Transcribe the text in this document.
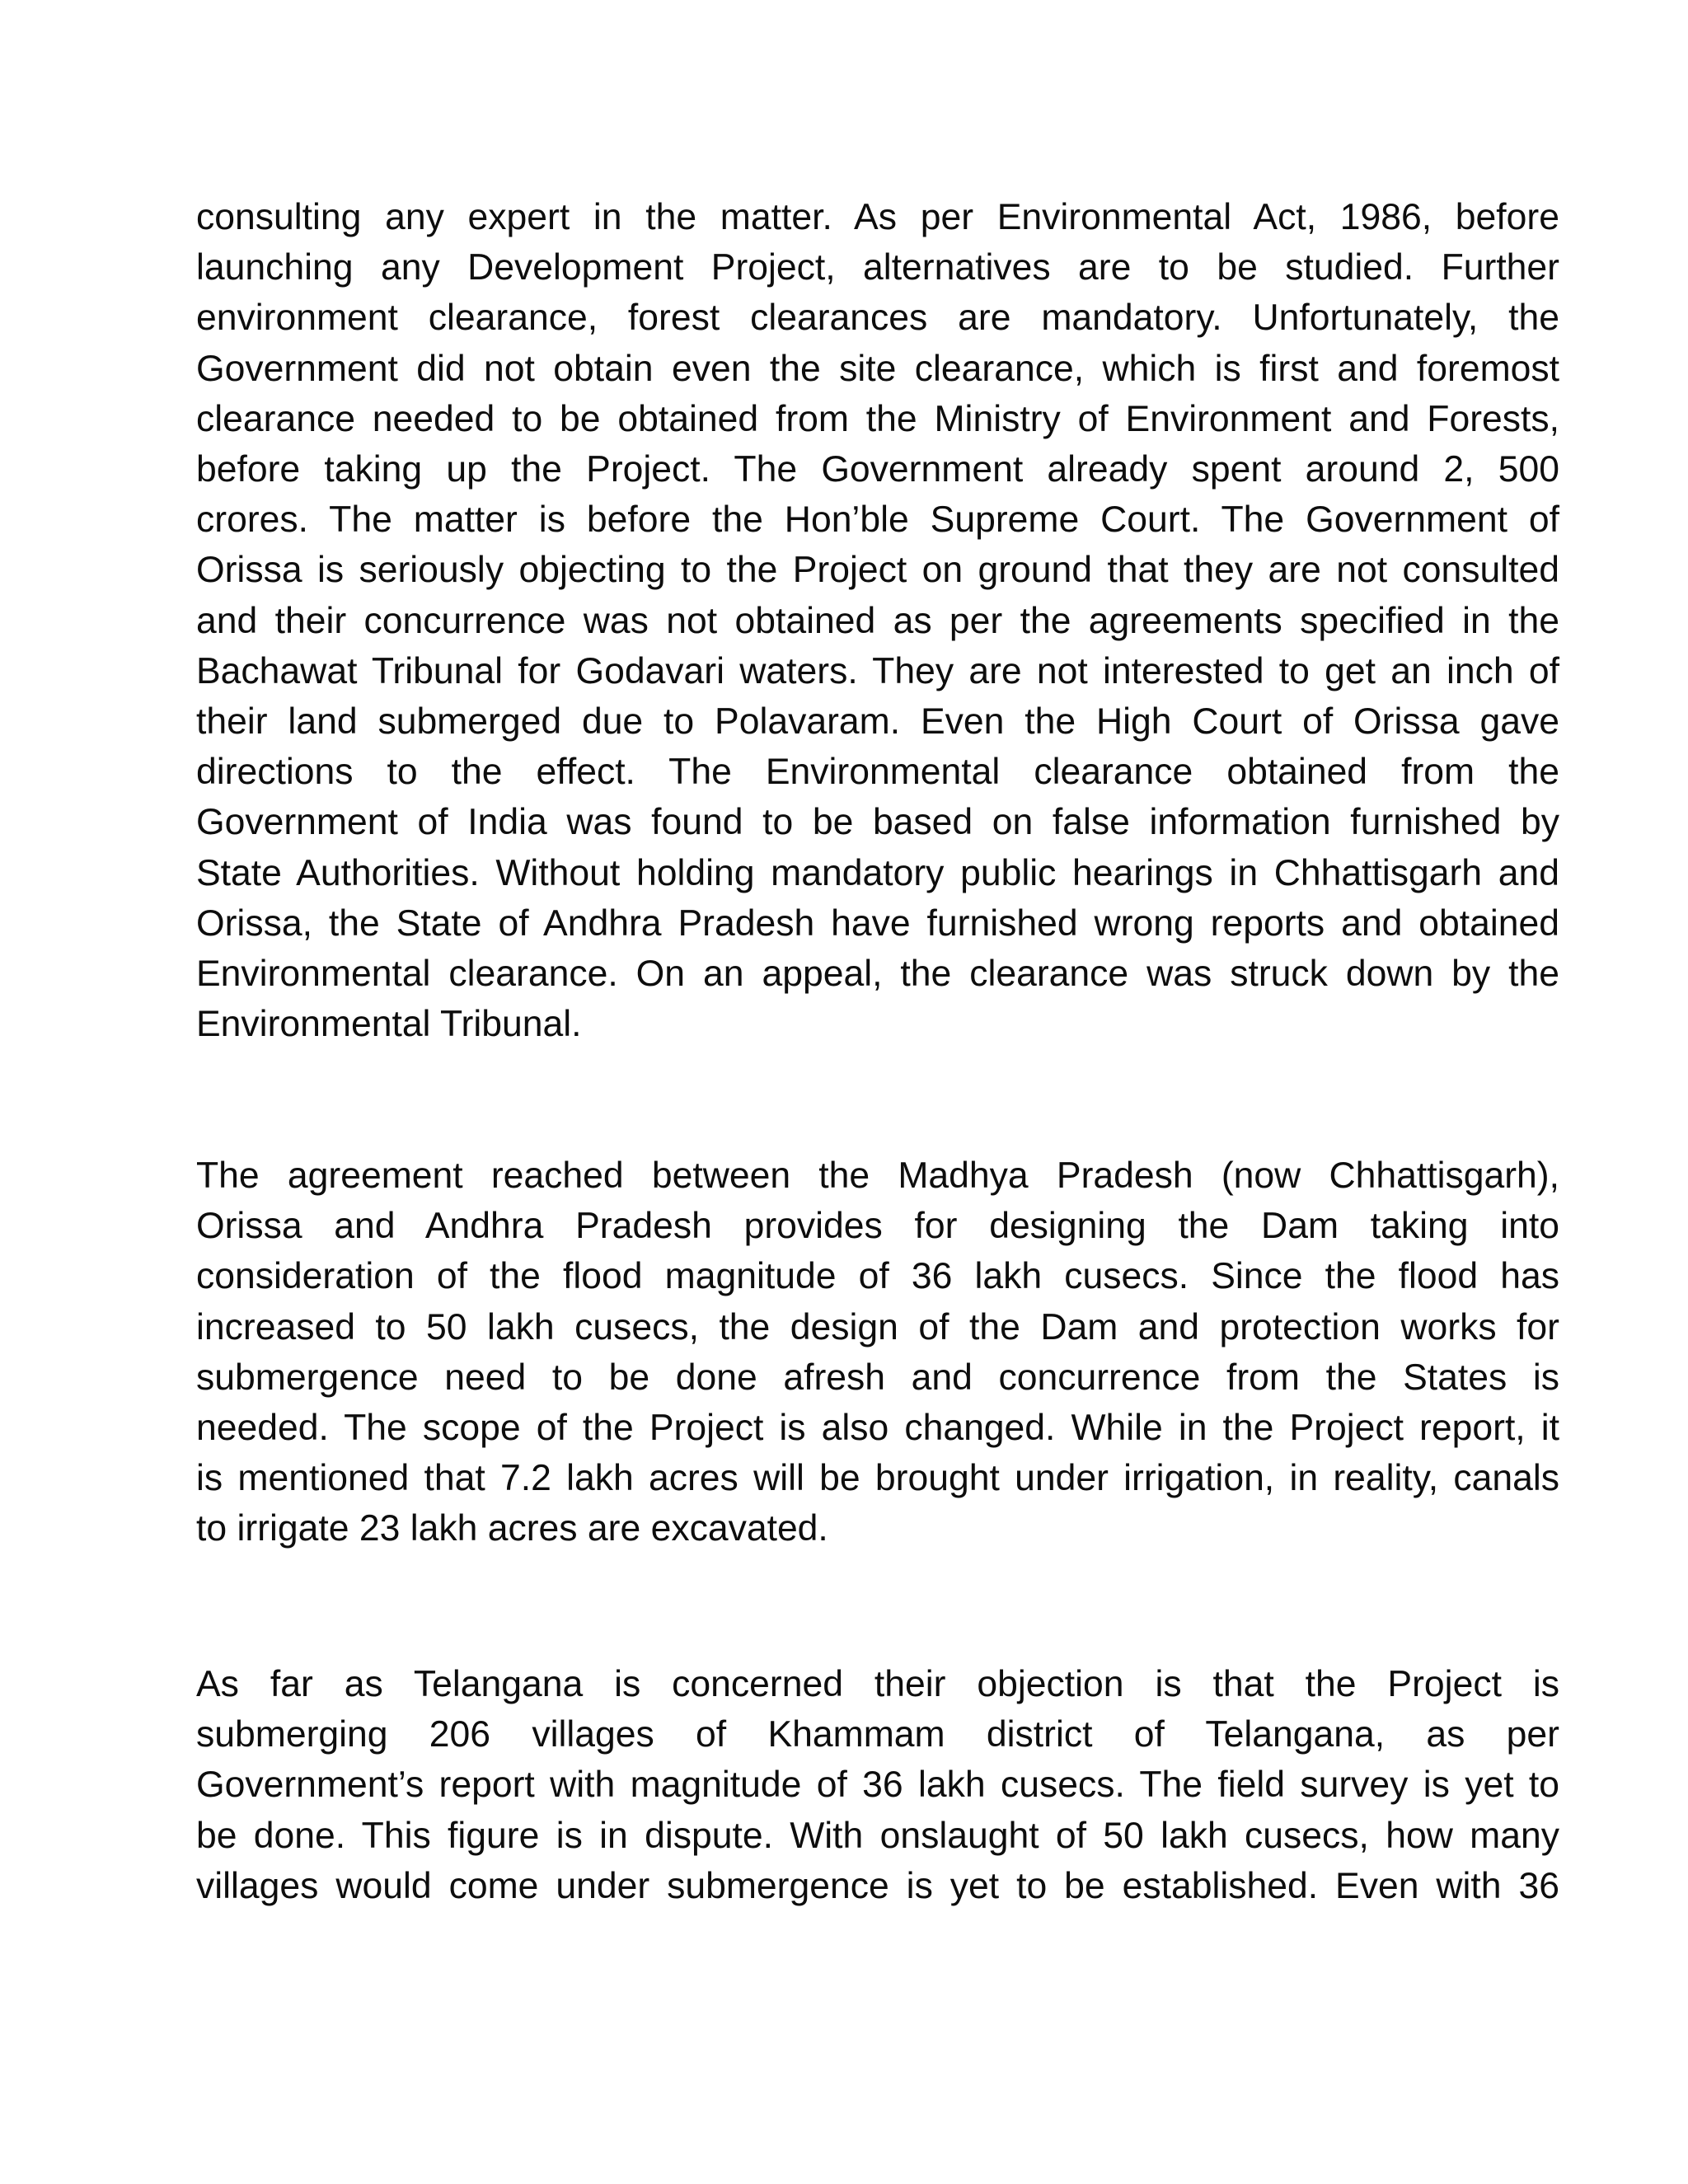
consulting any expert in the matter. As per Environmental Act, 1986, before
launching any Development Project, alternatives are to be studied. Further
environment clearance, forest clearances are mandatory. Unfortunately, the
Government did not obtain even the site clearance, which is first and foremost
clearance needed to be obtained from the Ministry of Environment and Forests,
before taking up the Project. The Government already spent around 2, 500
crores. The matter is before the Hon’ble Supreme Court. The Government of
Orissa is seriously objecting to the Project on ground that they are not consulted
and their concurrence was not obtained as per the agreements specified in the
Bachawat Tribunal for Godavari waters. They are not interested to get an inch of
their land submerged due to Polavaram. Even the High Court of Orissa gave
directions to the effect. The Environmental clearance obtained from the
Government of India was found to be based on false information furnished by
State Authorities. Without holding mandatory public hearings in Chhattisgarh and
Orissa, the State of Andhra Pradesh have furnished wrong reports and obtained
Environmental clearance. On an appeal, the clearance was struck down by the
Environmental Tribunal.
The agreement reached between the Madhya Pradesh (now Chhattisgarh),
Orissa and Andhra Pradesh provides for designing the Dam taking into
consideration of the flood magnitude of 36 lakh cusecs. Since the flood has
increased to 50 lakh cusecs, the design of the Dam and protection works for
submergence need to be done afresh and concurrence from the States is
needed. The scope of the Project is also changed. While in the Project report, it
is mentioned that 7.2 lakh acres will be brought under irrigation, in reality, canals
to irrigate 23 lakh acres are excavated.
As far as Telangana is concerned their objection is that the Project is
submerging 206 villages of Khammam district of Telangana, as per
Government’s report with magnitude of 36 lakh cusecs. The field survey is yet to
be done. This figure is in dispute. With onslaught of 50 lakh cusecs, how many
villages would come under submergence is yet to be established. Even with 36
